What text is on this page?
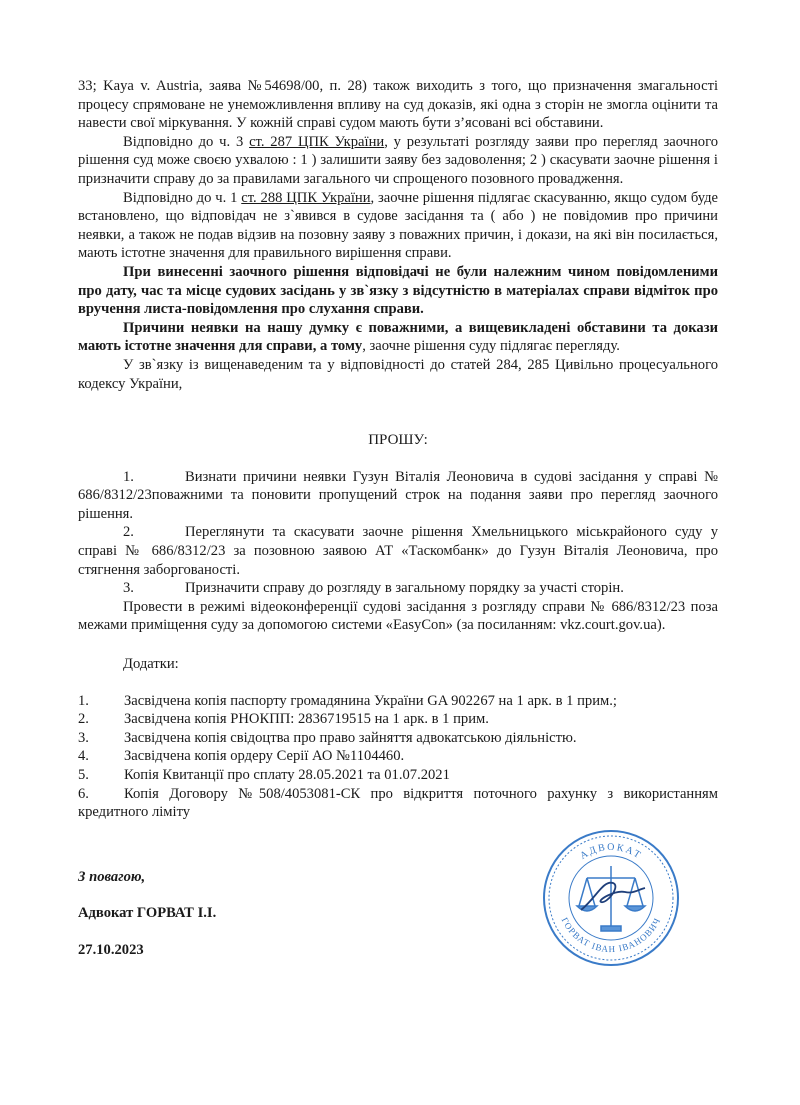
33; Kaya v. Austria, заява №54698/00, п. 28) також виходить з того, що призначення змагальності процесу спрямоване не унеможливлення впливу на суд доказів, які одна з сторін не змогла оцінити та навести свої міркування. У кожній справі судом мають бути з’ясовані всі обставини.

Відповідно до ч. 3 ст. 287 ЦПК України, у результаті розгляду заяви про перегляд заочного рішення суд може своєю ухвалою : 1 ) залишити заяву без задоволення; 2 ) скасувати заочне рішення і призначити справу до за правилами загального чи спрощеного позовного провадження.

Відповідно до ч. 1 ст. 288 ЦПК України, заочне рішення підлягає скасуванню, якщо судом буде встановлено, що відповідач не з`явився в судове засідання та ( або ) не повідомив про причини неявки, а також не подав відзив на позовну заяву з поважних причин, і докази, на які він посилається, мають істотне значення для правильного вирішення справи.

При винесенні заочного рішення відповідачі не були належним чином повідомленими про дату, час та місце судових засідань у зв`язку з відсутністю в матеріалах справи відміток про вручення листа-повідомлення про слухання справи.

Причини неявки на нашу думку є поважними, а вищевикладені обставини та докази мають істотне значення для справи, а тому, заочне рішення суду підлягає перегляду.

У зв`язку із вищенаведеним та у відповідності до статей 284, 285 Цивільно процесуального кодексу України,

ПРОШУ:

1.	Визнати причини неявки Гузун Віталія Леоновича в судові засідання у справі № 686/8312/23поважними та поновити пропущений строк на подання заяви про перегляд заочного рішення.

2.	Переглянути та скасувати заочне рішення Хмельницького міськрайоного суду у справі № 686/8312/23 за позовною заявою АТ «Таскомбанк» до Гузун Віталія Леоновича, про стягнення заборгованості.

3.	Призначити справу до розгляду в загальному порядку за участі сторін.

Провести в режимі відеоконференції судові засідання з розгляду справи № 686/8312/23 поза межами приміщення суду за допомогою системи «EasyCon» (за посиланням: vkz.court.gov.ua).

Додатки:

1. Засвідчена копія паспорту громадянина України GA 902267 на 1 арк. в 1 прим.;

2. Засвідчена копія РНОКПП: 2836719515 на 1 арк. в 1 прим.

3. Засвідчена копія свідоцтва про право зайняття адвокатською діяльністю.

4. Засвідчена копія ордеру Серії АО №1104460.

5. Копія Квитанції про сплату 28.05.2021 та 01.07.2021

6. Копія Договору №508/4053081-СК про відкриття поточного рахунку з використанням кредитного ліміту

З повагою,

Адвокат ГОРВАТ І.І.

27.10.2023

АДВОКАТ
ГОРВАТ ІВАН ІВАНОВИЧ
